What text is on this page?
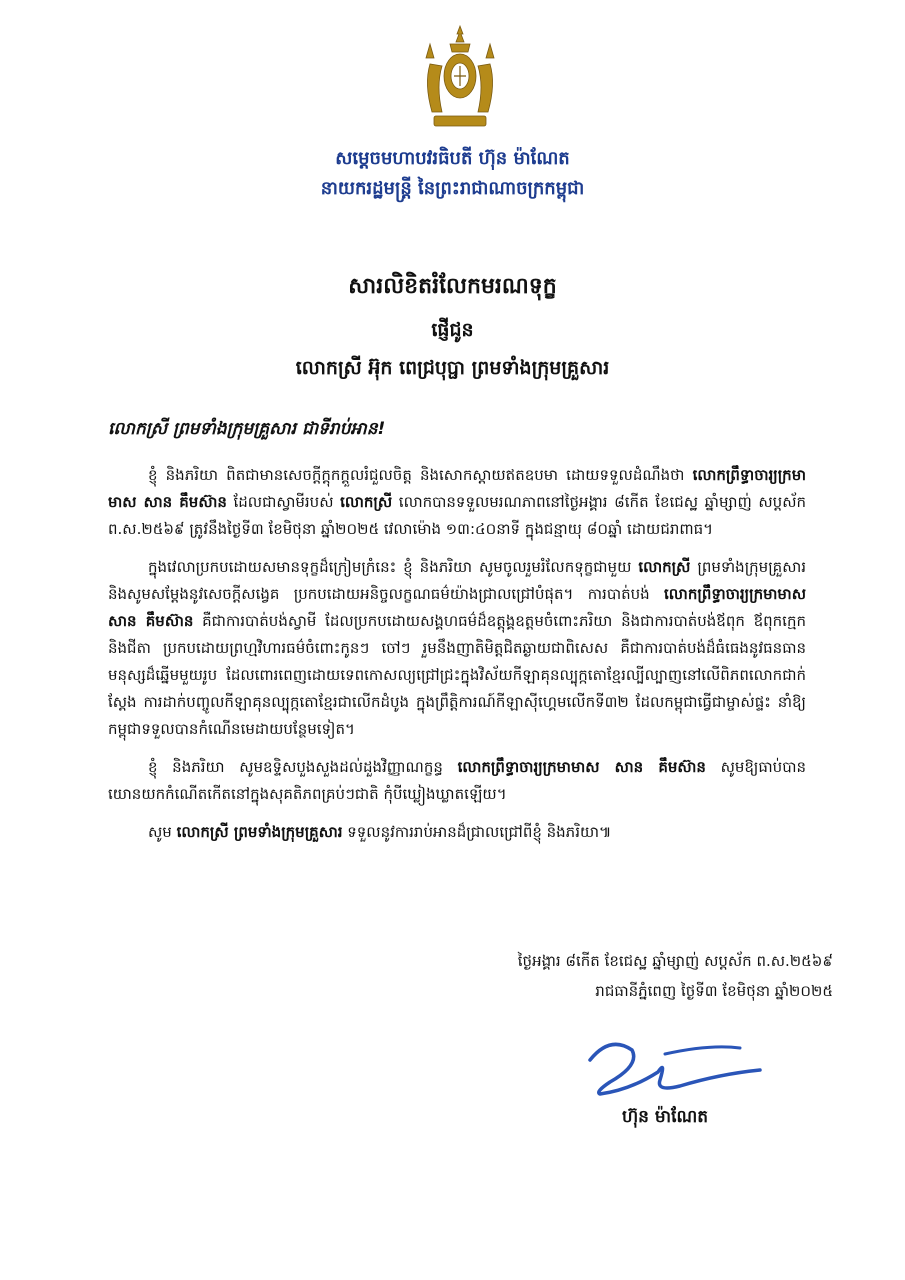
សម្តេចមហាបវរធិបតី ហ៊ុន ម៉ាណែត
នាយករដ្ឋមន្ត្រី នៃព្រះរាជាណាចក្រកម្ពុជា
សារលិខិតរំលែកមរណទុក្ខ
ផ្ញើជូន
លោកស្រី អ៊ុក ពេជ្របុប្ផា ព្រមទាំងក្រុមគ្រួសារ
លោកស្រី ព្រមទាំងក្រុមគ្រួសារ ជាទីរាប់អាន!

ខ្ញុំ និងភរិយា ពិតជាមានសេចក្តីក្តុកក្តួលរំជួលចិត្ត និងសោកស្តាយឥតឧបមា ដោយទទួលដំណឹងថា លោកព្រឹទ្ធាចារ្យក្រមាមាស សាន គឹមស៊ាន ដែលជាស្វាមីរបស់ លោកស្រី លោកបានទទួលមរណភាពនៅថ្ងៃអង្គារ ៨កើត ខែជេស្ឋ ឆ្នាំម្សាញ់ សប្តស័ក ព.ស.២៥៦៩ ត្រូវនឹងថ្ងៃទី៣ ខែមិថុនា ឆ្នាំ២០២៥ វេលាម៉ោង ១៣:៤០នាទី ក្នុងជន្មាយុ ៨០ឆ្នាំ ដោយជរាពាធ។

ក្នុងវេលាប្រកបដោយសមានទុក្ខដ៏ក្រៀមក្រំនេះ ខ្ញុំ និងភរិយា សូមចូលរួមរំលែកទុក្ខជាមួយ លោកស្រី ព្រមទាំងក្រុមគ្រួសារ និងសូមសម្តែងនូវសេចក្តីសង្វេគ ប្រកបដោយអនិច្ចលក្ខណធម៌យ៉ាងជ្រាលជ្រៅបំផុត។ ការបាត់បង់ លោកព្រឹទ្ធាចារ្យក្រមាមាស សាន គឹមស៊ាន គឺជាការបាត់បង់ស្វាមី ដែលប្រកបដោយសង្គហធម៌ដ៏ឧត្តុង្គឧត្តមចំពោះភរិយា និងជាការបាត់បង់ឪពុក ឪពុកក្មេក និងជីតា ប្រកបដោយព្រហ្មវិហារធម៌ចំពោះកូនៗ ចៅៗ រួមនឹងញាតិមិត្តជិតឆ្ងាយជាពិសេស គឺជាការបាត់បង់ដ៏ធំធេងនូវធនធានមនុស្សដ៏ឆ្នើមមួយរូប ដែលពោរពេញដោយទេពកោសល្យជ្រៅជ្រះក្នុងវិស័យកីឡាគុនល្បុក្កតោខ្មែរល្បីល្បាញនៅលើពិភពលោកជាក់ស្តែង ការដាក់បញ្ចូលកីឡាគុនល្បុក្កតោខ្មែរជាលើកដំបូង ក្នុងព្រឹត្តិការណ៍កីឡាស៊ីហ្គេមលើកទី៣២ ដែលកម្ពុជាធ្វើជាម្ចាស់ផ្ទះ នាំឱ្យកម្ពុជាទទួលបានកំណើនមេដាយបន្ថែមទៀត។

ខ្ញុំ និងភរិយា សូមឧទ្ទិសបួងសួងដល់ដួងវិញ្ញាណក្ខន្ធ លោកព្រឹទ្ធាចារ្យក្រមាមាស សាន គឹមស៊ាន សូមឱ្យធាប់បានយោនយកកំណើតកើតនៅក្នុងសុគតិភពគ្រប់ៗជាតិ កុំបីឃ្លៀងឃ្លាតឡើយ។

សូម លោកស្រី ព្រមទាំងក្រុមគ្រួសារ ទទួលនូវការរាប់អានដ៏ជ្រាលជ្រៅពីខ្ញុំ និងភរិយា៕

ថ្ងៃអង្គារ ៨កើត ខែជេស្ឋ ឆ្នាំម្សាញ់ សប្តស័ក ព.ស.២៥៦៩
រាជធានីភ្នំពេញ ថ្ងៃទី៣ ខែមិថុនា ឆ្នាំ២០២៥
ហ៊ុន ម៉ាណែត
